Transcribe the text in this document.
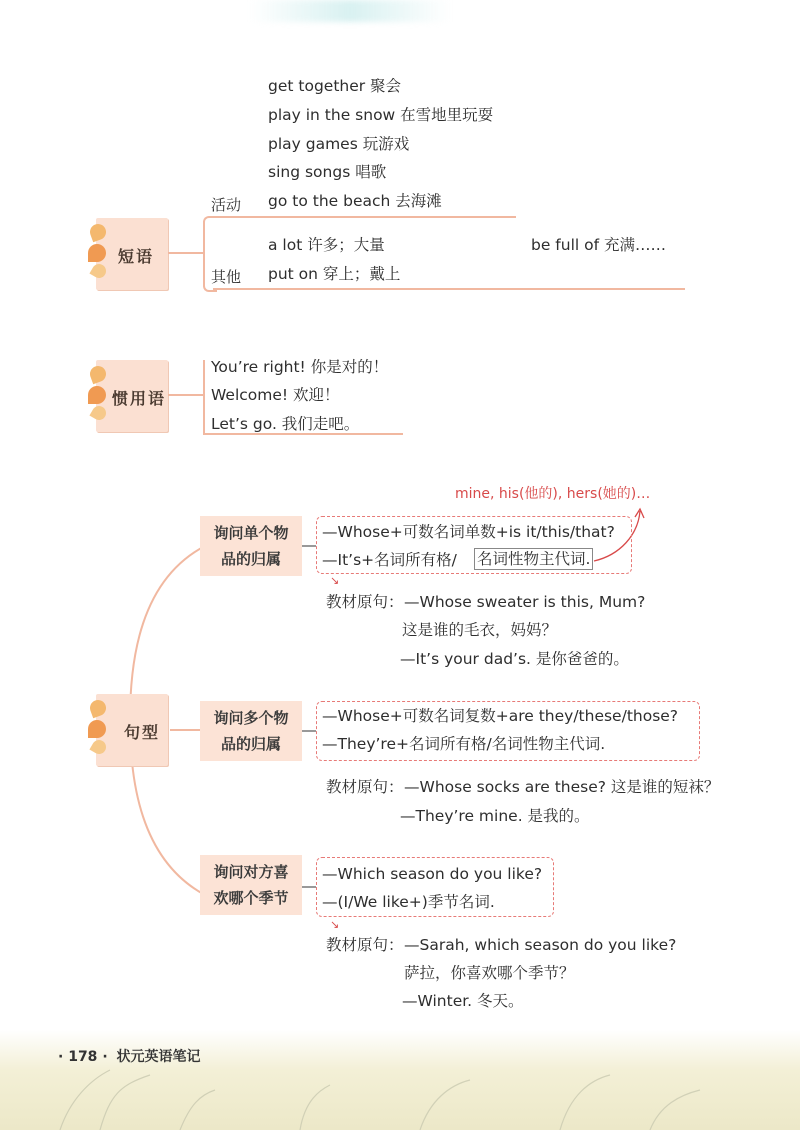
短语
活动
其他
get together 聚会
play in the snow 在雪地里玩耍
play games 玩游戏
sing songs 唱歌
go to the beach 去海滩
a lot 许多；大量
put on 穿上；戴上
be full of 充满……
惯用语
You’re right! 你是对的！
Welcome! 欢迎！
Let’s go. 我们走吧。
句型
mine, his(他的), hers(她的)…
询问单个物
品的归属
—Whose+可数名词单数+is it/this/that?
—It’s+名词所有格/ 名词性物主代词.
↘
教材原句： —Whose sweater is this, Mum?
这是谁的毛衣，妈妈？
—It’s your dad’s. 是你爸爸的。
询问多个物
品的归属
—Whose+可数名词复数+are they/these/those?
—They’re+名词所有格/名词性物主代词.
教材原句： —Whose socks are these? 这是谁的短袜？
—They’re mine. 是我的。
询问对方喜
欢哪个季节
—Which season do you like?
—(I/We like+)季节名词.
↘
教材原句： —Sarah, which season do you like?
萨拉，你喜欢哪个季节？
—Winter. 冬天。
· 178 · 状元英语笔记
